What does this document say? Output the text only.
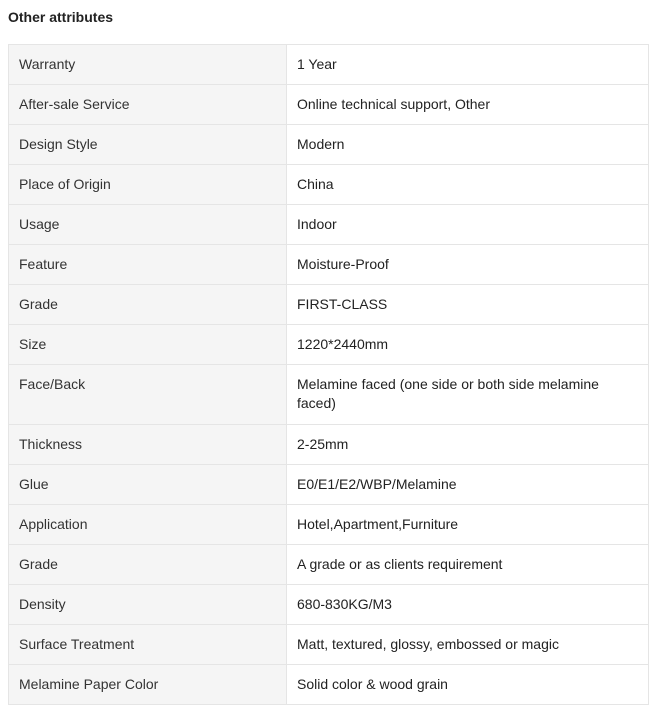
Other attributes
Warranty	1 Year
After-sale Service	Online technical support, Other
Design Style	Modern
Place of Origin	China
Usage	Indoor
Feature	Moisture-Proof
Grade	FIRST-CLASS
Size	1220*2440mm
Face/Back	Melamine faced (one side or both side melamine faced)
Thickness	2-25mm
Glue	E0/E1/E2/WBP/Melamine
Application	Hotel,Apartment,Furniture
Grade	A grade or as clients requirement
Density	680-830KG/M3
Surface Treatment	Matt, textured, glossy, embossed or magic
Melamine Paper Color	Solid color & wood grain
